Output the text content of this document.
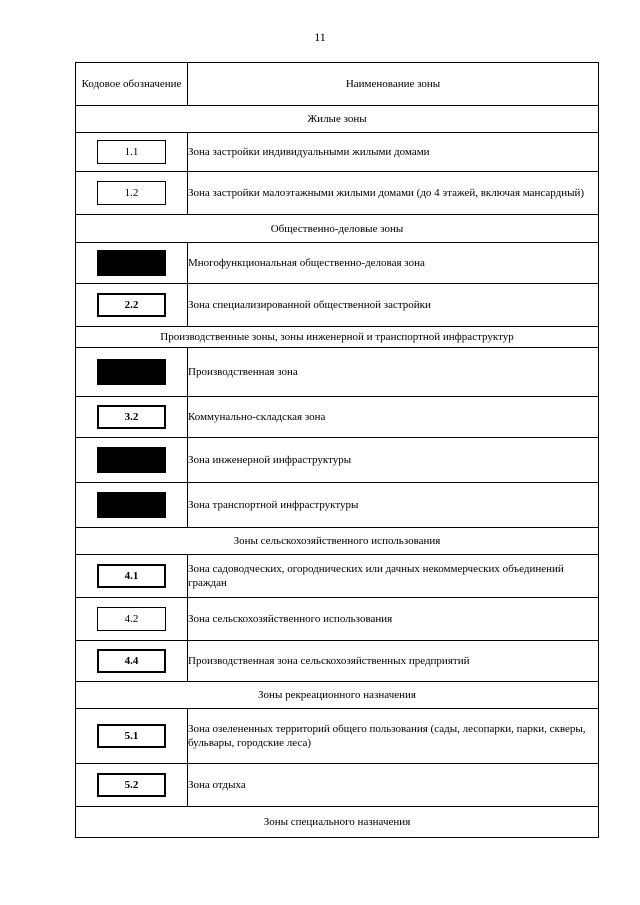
11
Кодовое обозначение	Наименование зоны
Жилые зоны	
1.1	Зона застройки индивидуальными жилыми домами
1.2	Зона застройки малоэтажными жилыми домами (до 4 этажей, включая мансардный)
Общественно-деловые зоны	
	Многофункциональная общественно-деловая зона
2.2	Зона специализированной общественной застройки
Производственные зоны, зоны инженерной и транспортной инфраструктур	
	Производственная зона
3.2	Коммунально-складская зона
	Зона инженерной инфраструктуры
	Зона транспортной инфраструктуры
Зоны сельскохозяйственного использования	
4.1	Зона садоводческих, огороднических или дачных некоммерческих объединений граждан
4.2	Зона сельскохозяйственного использования
4.4	Производственная зона сельскохозяйственных предприятий
Зоны рекреационного назначения	
5.1	Зона озелененных территорий общего пользования (сады, лесопарки, парки, скверы, бульвары, городские леса)
5.2	Зона отдыха
Зоны специального назначения	
